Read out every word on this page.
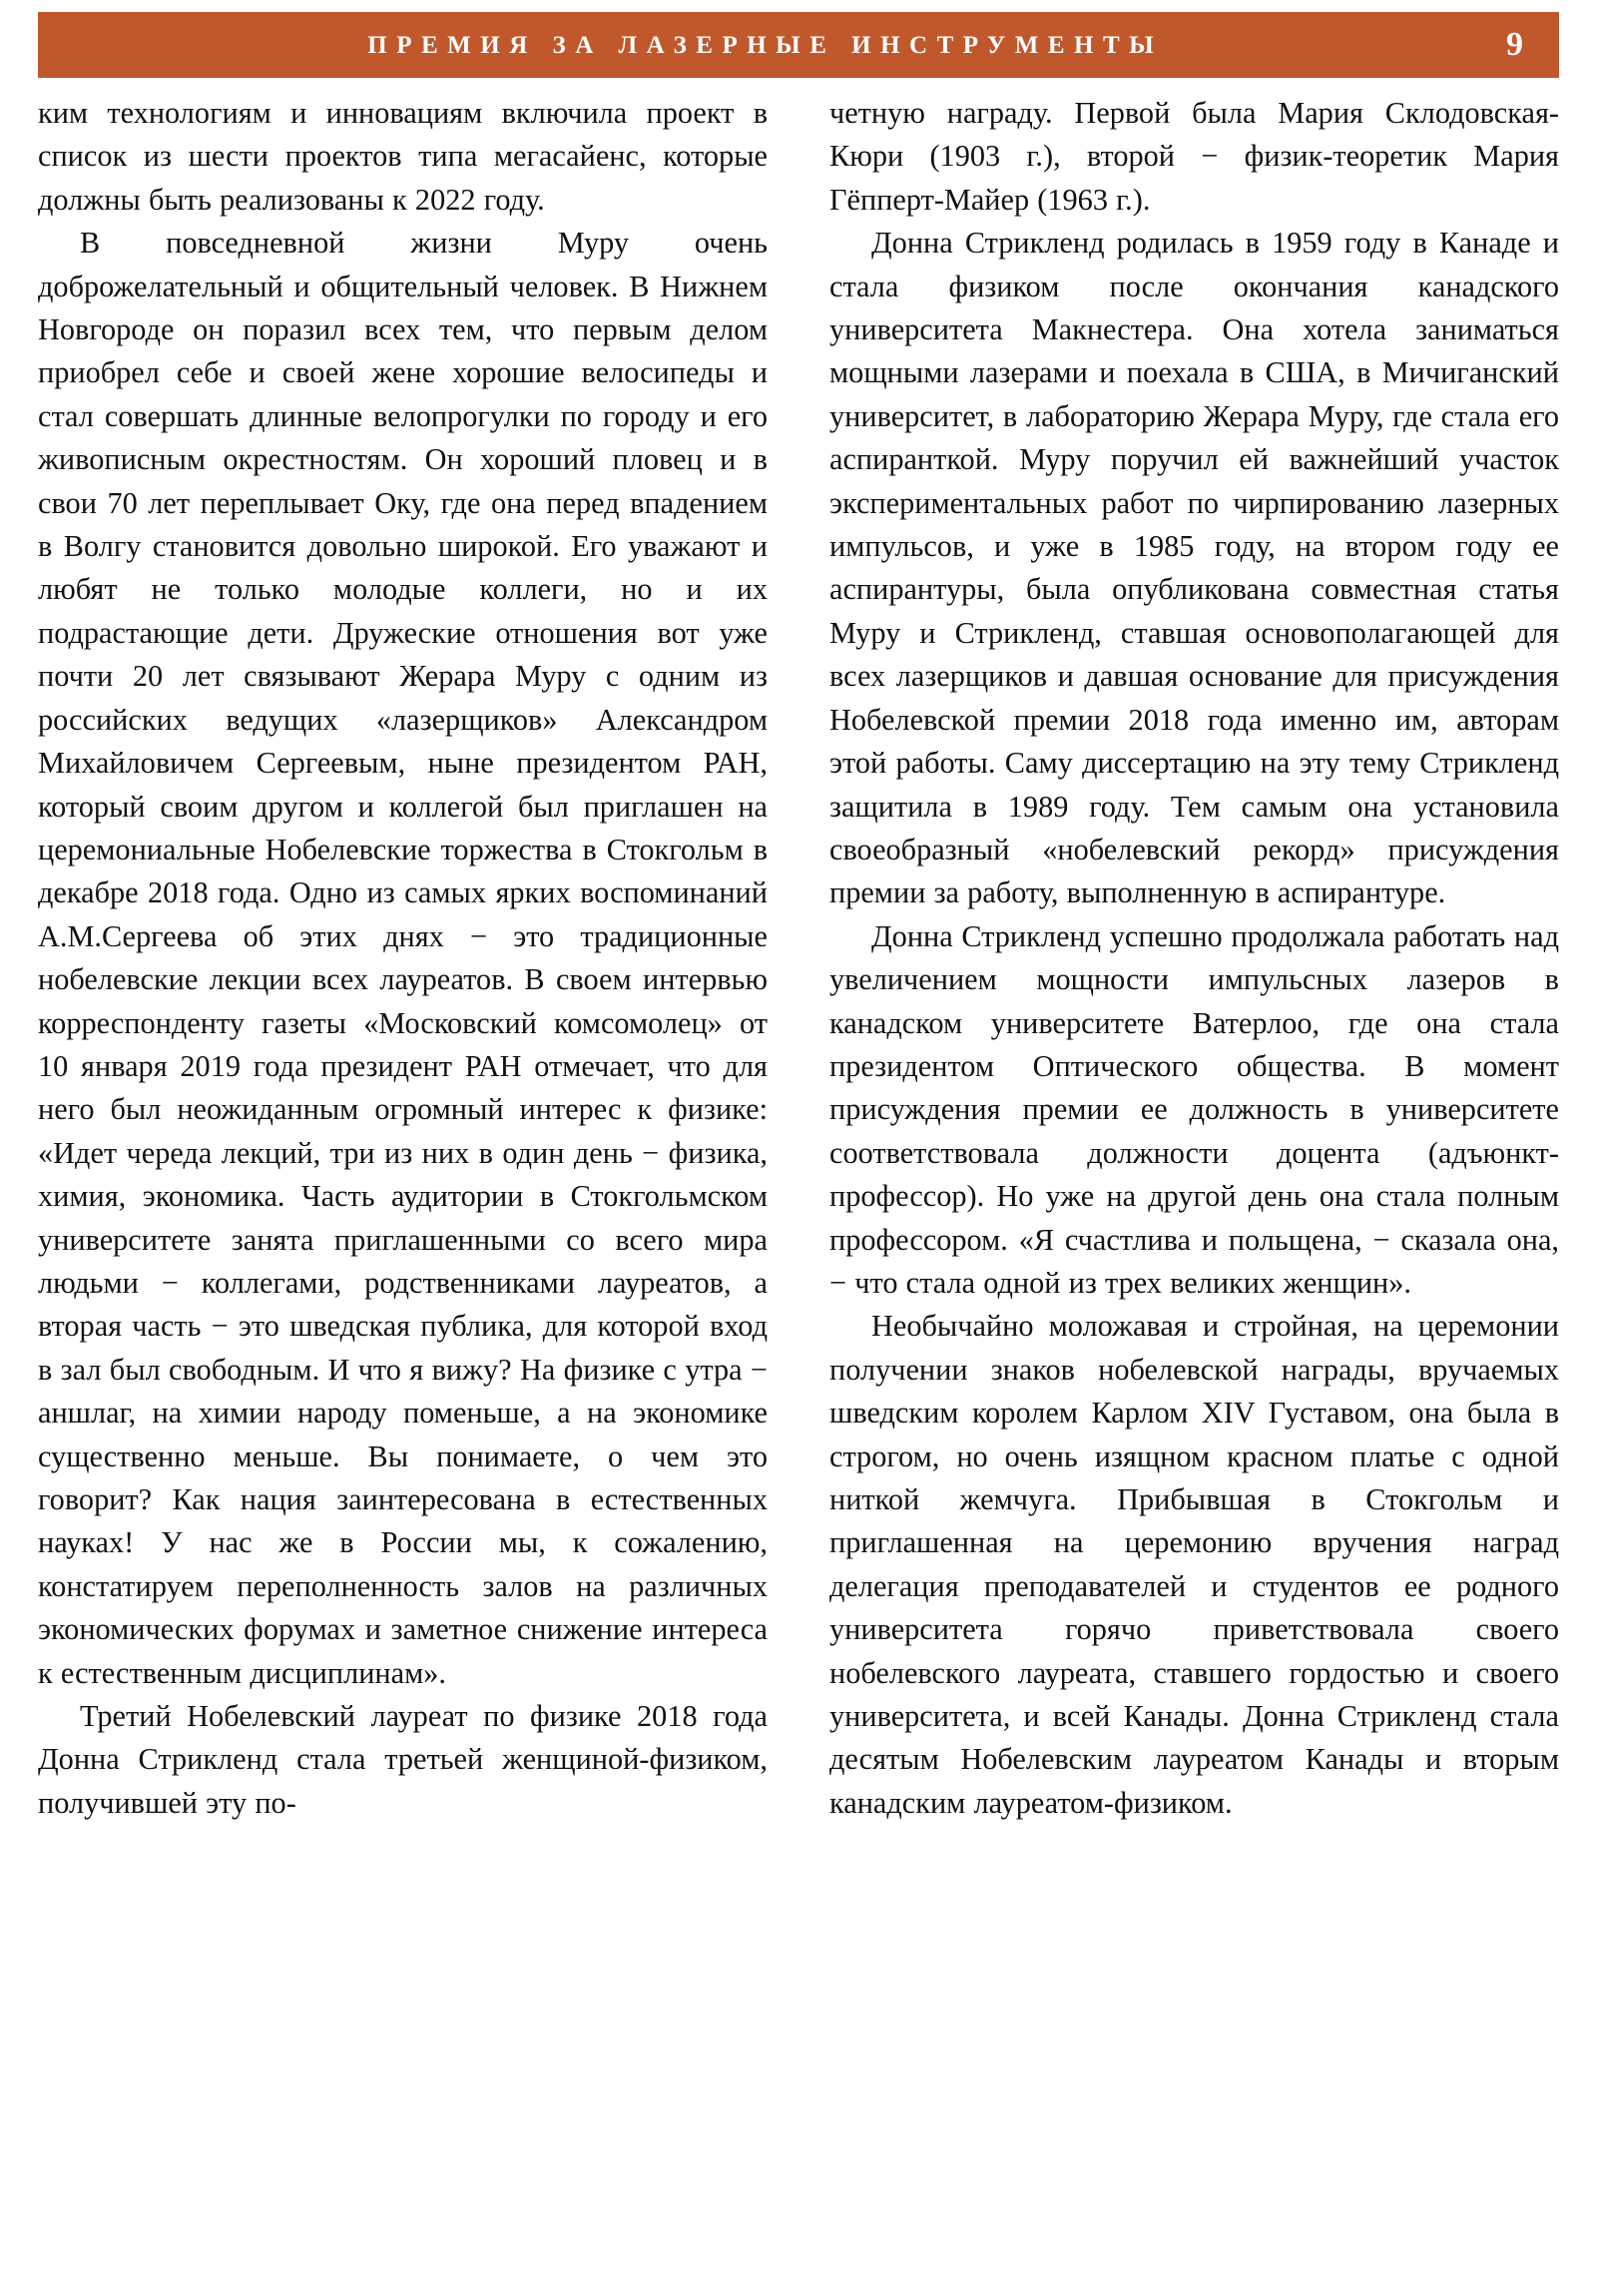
ПРЕМИЯ ЗА ЛАЗЕРНЫЕ ИНСТРУМЕНТЫ	9

ким технологиям и инновациям включила проект в список из шести проектов типа мегасайенс, которые должны быть реализованы к 2022 году.

В повседневной жизни Муру очень доброжелательный и общительный человек. В Нижнем Новгороде он поразил всех тем, что первым делом приобрел себе и своей жене хорошие велосипеды и стал совершать длинные велопрогулки по городу и его живописным окрестностям. Он хороший пловец и в свои 70 лет переплывает Оку, где она перед впадением в Волгу становится довольно широкой. Его уважают и любят не только молодые коллеги, но и их подрастающие дети. Дружеские отношения вот уже почти 20 лет связывают Жерара Муру с одним из российских ведущих «лазерщиков» Александром Михайловичем Сергеевым, ныне президентом РАН, который своим другом и коллегой был приглашен на церемониальные Нобелевские торжества в Стокгольм в декабре 2018 года. Одно из самых ярких воспоминаний А.М.Сергеева об этих днях − это традиционные нобелевские лекции всех лауреатов. В своем интервью корреспонденту газеты «Московский комсомолец» от 10 января 2019 года президент РАН отмечает, что для него был неожиданным огромный интерес к физике: «Идет череда лекций, три из них в один день − физика, химия, экономика. Часть аудитории в Стокгольмском университете занята приглашенными со всего мира людьми − коллегами, родственниками лауреатов, а вторая часть − это шведская публика, для которой вход в зал был свободным. И что я вижу? На физике с утра − аншлаг, на химии народу поменьше, а на экономике существенно меньше. Вы понимаете, о чем это говорит? Как нация заинтересована в естественных науках! У нас же в России мы, к сожалению, констатируем переполненность залов на различных экономических форумах и заметное снижение интереса к естественным дисциплинам».

Третий Нобелевский лауреат по физике 2018 года Донна Стрикленд стала третьей женщиной-физиком, получившей эту по-

четную награду. Первой была Мария Склодовская-Кюри (1903 г.), второй − физик-теоретик Мария Гёпперт-Майер (1963 г.).

Донна Стрикленд родилась в 1959 году в Канаде и стала физиком после окончания канадского университета Макнестера. Она хотела заниматься мощными лазерами и поехала в США, в Мичиганский университет, в лабораторию Жерара Муру, где стала его аспиранткой. Муру поручил ей важнейший участок экспериментальных работ по чирпированию лазерных импульсов, и уже в 1985 году, на втором году ее аспирантуры, была опубликована совместная статья Муру и Стрикленд, ставшая основополагающей для всех лазерщиков и давшая основание для присуждения Нобелевской премии 2018 года именно им, авторам этой работы. Саму диссертацию на эту тему Стрикленд защитила в 1989 году. Тем самым она установила своеобразный «нобелевский рекорд» присуждения премии за работу, выполненную в аспирантуре.

Донна Стрикленд успешно продолжала работать над увеличением мощности импульсных лазеров в канадском университете Ватерлоо, где она стала президентом Оптического общества. В момент присуждения премии ее должность в университете соответствовала должности доцента (адъюнкт-профессор). Но уже на другой день она стала полным профессором. «Я счастлива и польщена, − сказала она, − что стала одной из трех великих женщин».

Необычайно моложавая и стройная, на церемонии получении знаков нобелевской награды, вручаемых шведским королем Карлом XIV Густавом, она была в строгом, но очень изящном красном платье с одной ниткой жемчуга. Прибывшая в Стокгольм и приглашенная на церемонию вручения наград делегация преподавателей и студентов ее родного университета горячо приветствовала своего нобелевского лауреата, ставшего гордостью и своего университета, и всей Канады. Донна Стрикленд стала десятым Нобелевским лауреатом Канады и вторым канадским лауреатом-физиком.
